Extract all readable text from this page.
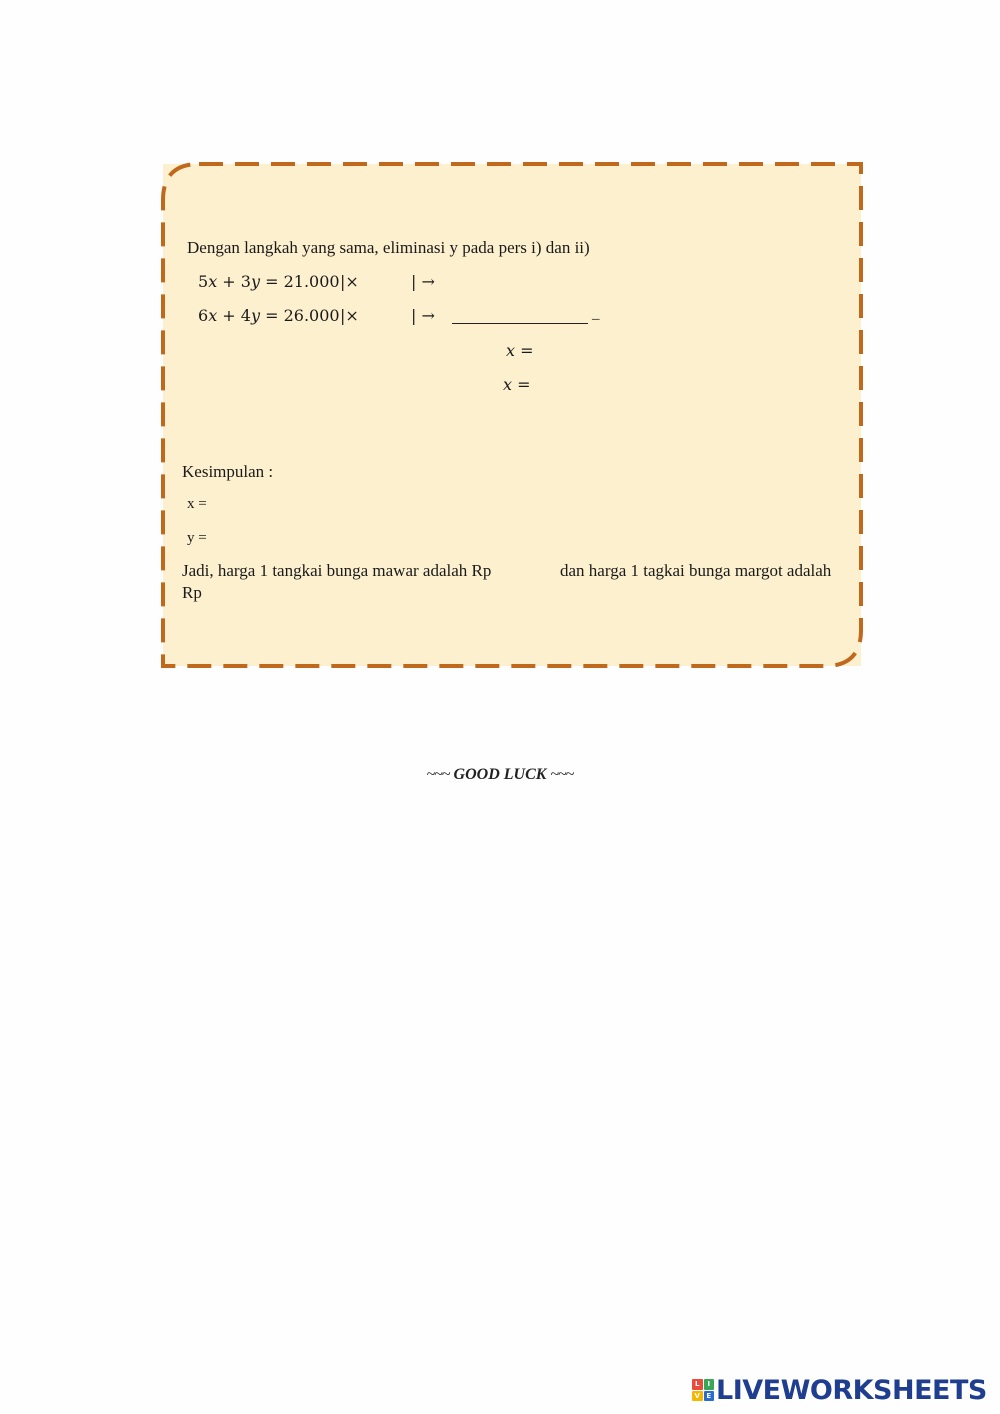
Dengan langkah yang sama, eliminasi y pada pers i) dan ii)
5x + 3y = 21.000 |×	| →
6x + 4y = 26.000 |×	| →	–
x =
x =
Kesimpulan :
x =
y =
Jadi, harga 1 tangkai bunga mawar adalah Rp	dan harga 1 tagkai bunga margot adalah
Rp
~~~ GOOD LUCK ~~~
L	I
V E LIVEWORKSHEETS
